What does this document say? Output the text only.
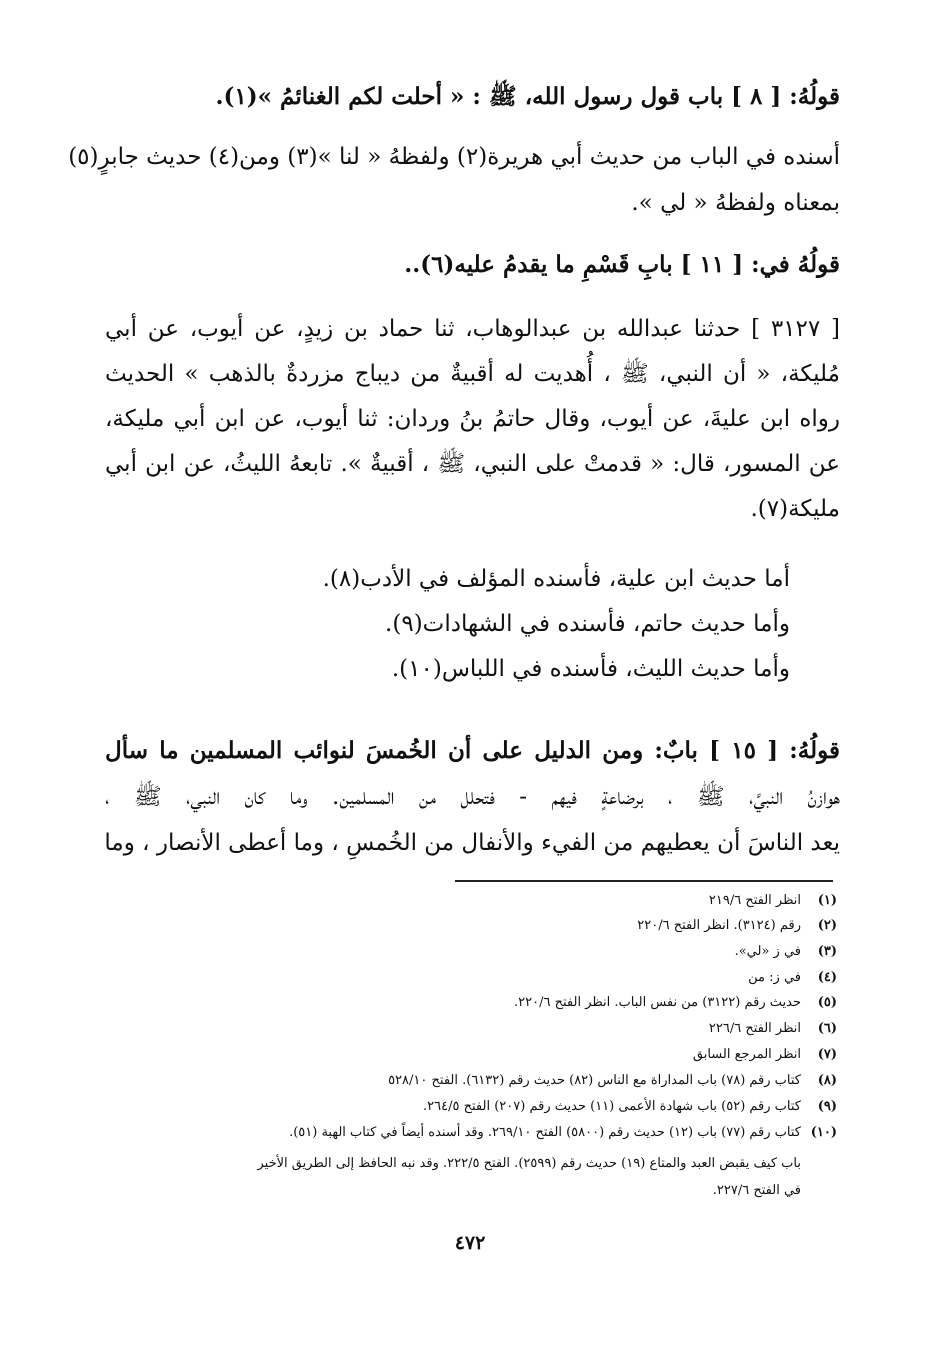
قولُهُ: [ ٨ ] باب قول رسول الله، ﷺ : « أحلت لكم الغنائمُ »(١).
أسنده في الباب من حديث أبي هريرة(٢) ولفظهُ « لنا »(٣) ومن(٤) حديث جابرٍ(٥)
بمعناه ولفظهُ « لي ».
قولُهُ في: [ ١١ ] بابِ قَسْمِ ما يقدمُ عليه(٦)..
[ ٣١٢٧ ] حدثنا عبدالله بن عبدالوهاب، ثنا حماد بن زيدٍ، عن أيوب، عن أبي
مُليكة، « أن النبي، ﷺ ، أُهديت له أقبيةٌ من ديباج مزردةٌ بالذهب » الحديث
رواه ابن عليةَ، عن أيوب، وقال حاتمُ بنُ وردان: ثنا أيوب، عن ابن أبي مليكة،
عن المسور، قال: « قدمتْ على النبي، ﷺ ، أقبيةٌ ». تابعهُ الليثُ، عن ابن أبي
مليكة(٧).
أما حديث ابن علية، فأسنده المؤلف في الأدب(٨).
وأما حديث حاتم، فأسنده في الشهادات(٩).
وأما حديث الليث، فأسنده في اللباس(١٠).
قولُهُ: [ ١٥ ] بابٌ: ومن الدليل على أن الخُمسَ لنوائب المسلمين ما سأل
هوازنُ النبيَّ، ﷺ ، برضاعةٍ فيهم - فتحلل من المسلمين. وما كان النبي، ﷺ ،
يعد الناسَ أن يعطيهم من الفيء والأنفال من الخُمسِ ، وما أعطى الأنصار ، وما
(١)انظر الفتح ٢١٩/٦
(٢)رقم (٣١٢٤). انظر الفتح ٢٢٠/٦
(٣)في ز «لي».
(٤)في ز: من
(٥)حديث رقم (٣١٢٢) من نفس الباب. انظر الفتح ٢٢٠/٦.
(٦)انظر الفتح ٢٢٦/٦
(٧)انظر المرجع السابق
(٨)كتاب رقم (٧٨) باب المداراة مع الناس (٨٢) حديث رقم (٦١٣٢). الفتح ٥٢٨/١٠
(٩)كتاب رقم (٥٢) باب شهادة الأعمى (١١) حديث رقم (٢٠٧) الفتح ٢٦٤/٥.
(١٠)كتاب رقم (٧٧) باب (١٢) حديث رقم (٥٨٠٠) الفتح ٢٦٩/١٠. وقد أسنده أيضاً في كتاب الهبة (٥١).
باب كيف يقبض العبد والمتاع (١٩) حديث رقم (٢٥٩٩). الفتح ٢٢٢/٥. وقد نبه الحافظ إلى الطريق الأخير
في الفتح ٢٢٧/٦.
٤٧٢
